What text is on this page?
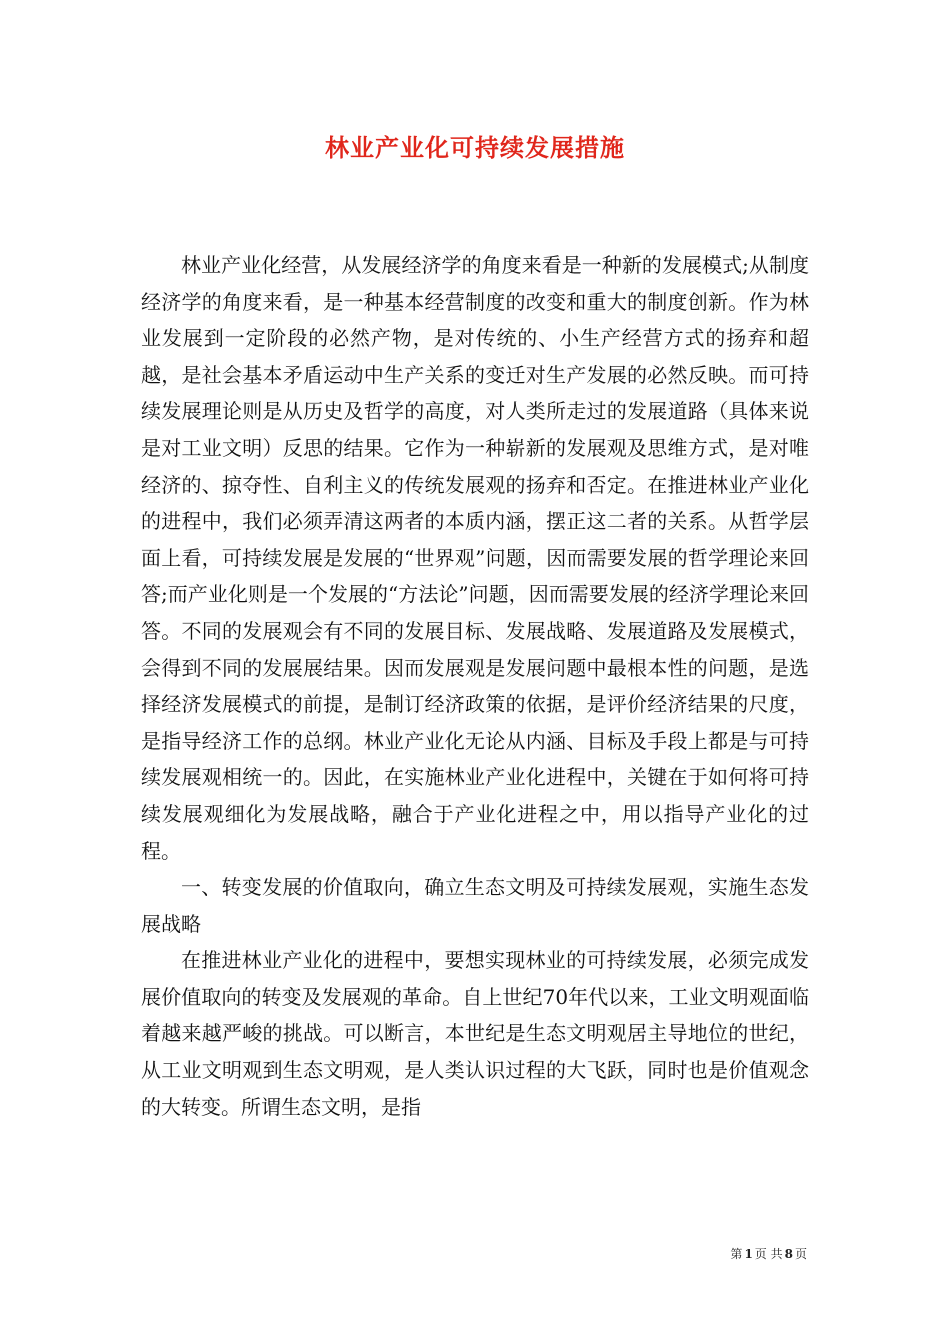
林业产业化可持续发展措施

林业产业化经营，从发展经济学的角度来看是一种新的发展模式;从制度经济学的角度来看，是一种基本经营制度的改变和重大的制度创新。作为林业发展到一定阶段的必然产物，是对传统的、小生产经营方式的扬弃和超越，是社会基本矛盾运动中生产关系的变迁对生产发展的必然反映。而可持续发展理论则是从历史及哲学的高度，对人类所走过的发展道路（具体来说是对工业文明）反思的结果。它作为一种崭新的发展观及思维方式，是对唯经济的、掠夺性、自利主义的传统发展观的扬弃和否定。在推进林业产业化的进程中，我们必须弄清这两者的本质内涵，摆正这二者的关系。从哲学层面上看，可持续发展是发展的“世界观”问题，因而需要发展的哲学理论来回答;而产业化则是一个发展的“方法论”问题，因而需要发展的经济学理论来回答。不同的发展观会有不同的发展目标、发展战略、发展道路及发展模式，会得到不同的发展展结果。因而发展观是发展问题中最根本性的问题，是选择经济发展模式的前提，是制订经济政策的依据，是评价经济结果的尺度，是指导经济工作的总纲。林业产业化无论从内涵、目标及手段上都是与可持续发展观相统一的。因此，在实施林业产业化进程中，关键在于如何将可持续发展观细化为发展战略，融合于产业化进程之中，用以指导产业化的过程。

一、转变发展的价值取向，确立生态文明及可持续发展观，实施生态发展战略

在推进林业产业化的进程中，要想实现林业的可持续发展，必须完成发展价值取向的转变及发展观的革命。自上世纪70年代以来，工业文明观面临着越来越严峻的挑战。可以断言，本世纪是生态文明观居主导地位的世纪，从工业文明观到生态文明观，是人类认识过程的大飞跃，同时也是价值观念的大转变。所谓生态文明，是指

第 1 页 共 8 页
